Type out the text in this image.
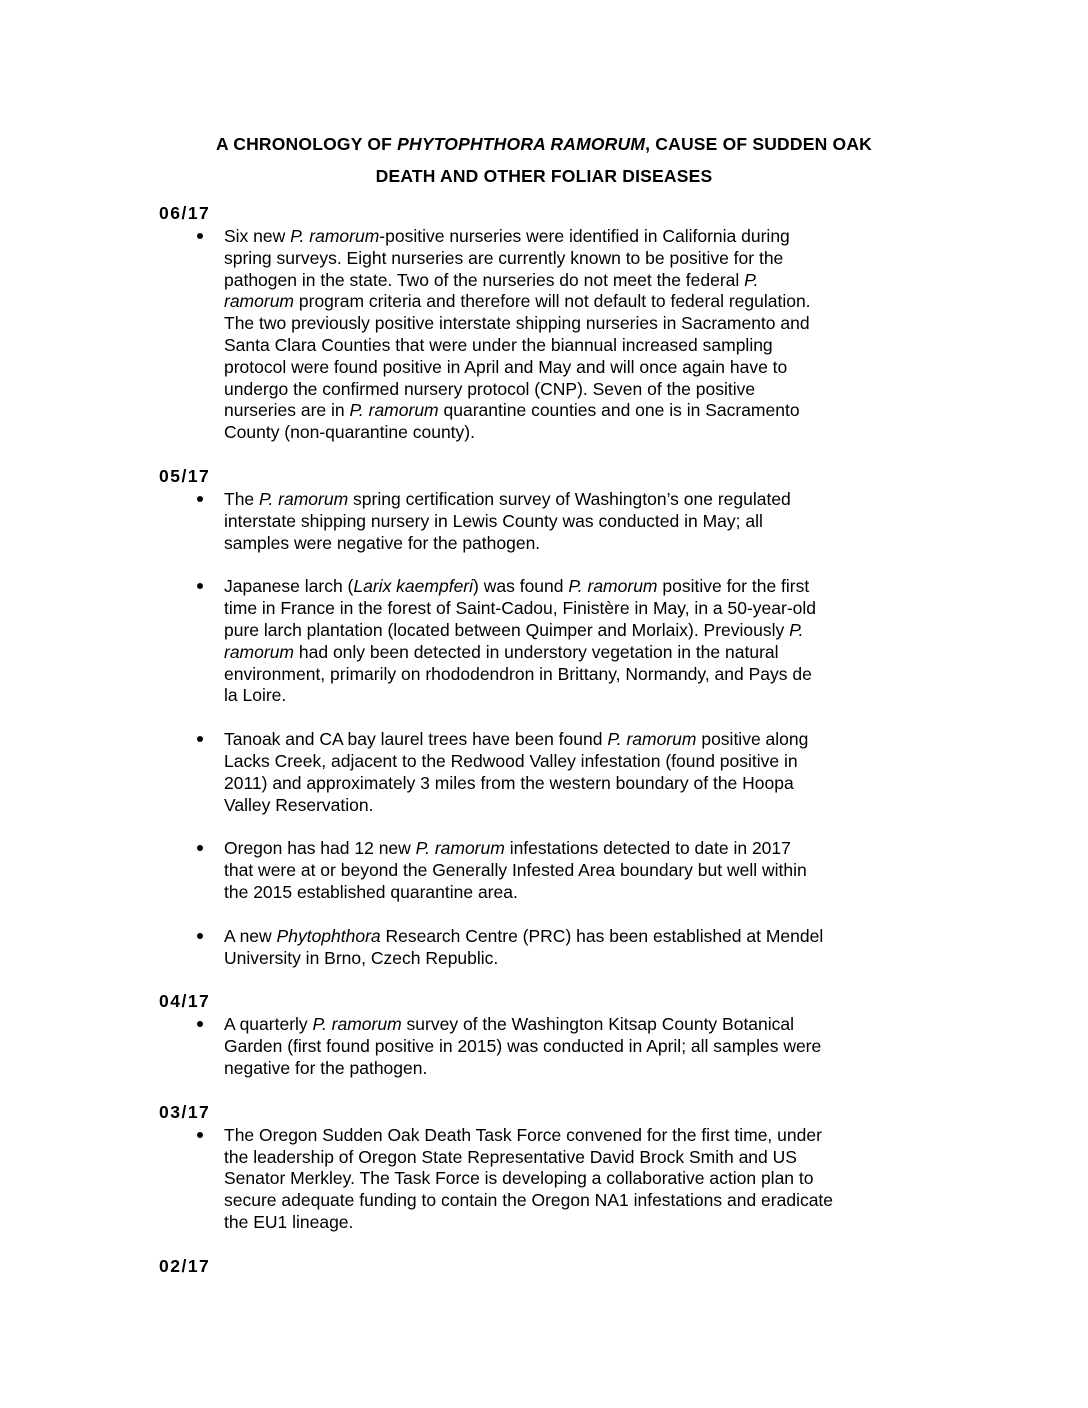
A CHRONOLOGY OF PHYTOPHTHORA RAMORUM, CAUSE OF SUDDEN OAK
DEATH AND OTHER FOLIAR DISEASES
06/17
Six new P. ramorum-positive nurseries were identified in California during
spring surveys. Eight nurseries are currently known to be positive for the
pathogen in the state. Two of the nurseries do not meet the federal P.
ramorum program criteria and therefore will not default to federal regulation.
The two previously positive interstate shipping nurseries in Sacramento and
Santa Clara Counties that were under the biannual increased sampling
protocol were found positive in April and May and will once again have to
undergo the confirmed nursery protocol (CNP). Seven of the positive
nurseries are in P. ramorum quarantine counties and one is in Sacramento
County (non-quarantine county).
05/17
The P. ramorum spring certification survey of Washington’s one regulated
interstate shipping nursery in Lewis County was conducted in May; all
samples were negative for the pathogen.
Japanese larch (Larix kaempferi) was found P. ramorum positive for the first
time in France in the forest of Saint-Cadou, Finistère in May, in a 50-year-old
pure larch plantation (located between Quimper and Morlaix). Previously P.
ramorum had only been detected in understory vegetation in the natural
environment, primarily on rhododendron in Brittany, Normandy, and Pays de
la Loire.
Tanoak and CA bay laurel trees have been found P. ramorum positive along
Lacks Creek, adjacent to the Redwood Valley infestation (found positive in
2011) and approximately 3 miles from the western boundary of the Hoopa
Valley Reservation.
Oregon has had 12 new P. ramorum infestations detected to date in 2017
that were at or beyond the Generally Infested Area boundary but well within
the 2015 established quarantine area.
A new Phytophthora Research Centre (PRC) has been established at Mendel
University in Brno, Czech Republic.
04/17
A quarterly P. ramorum survey of the Washington Kitsap County Botanical
Garden (first found positive in 2015) was conducted in April; all samples were
negative for the pathogen.
03/17
The Oregon Sudden Oak Death Task Force convened for the first time, under
the leadership of Oregon State Representative David Brock Smith and US
Senator Merkley. The Task Force is developing a collaborative action plan to
secure adequate funding to contain the Oregon NA1 infestations and eradicate
the EU1 lineage.
02/17
